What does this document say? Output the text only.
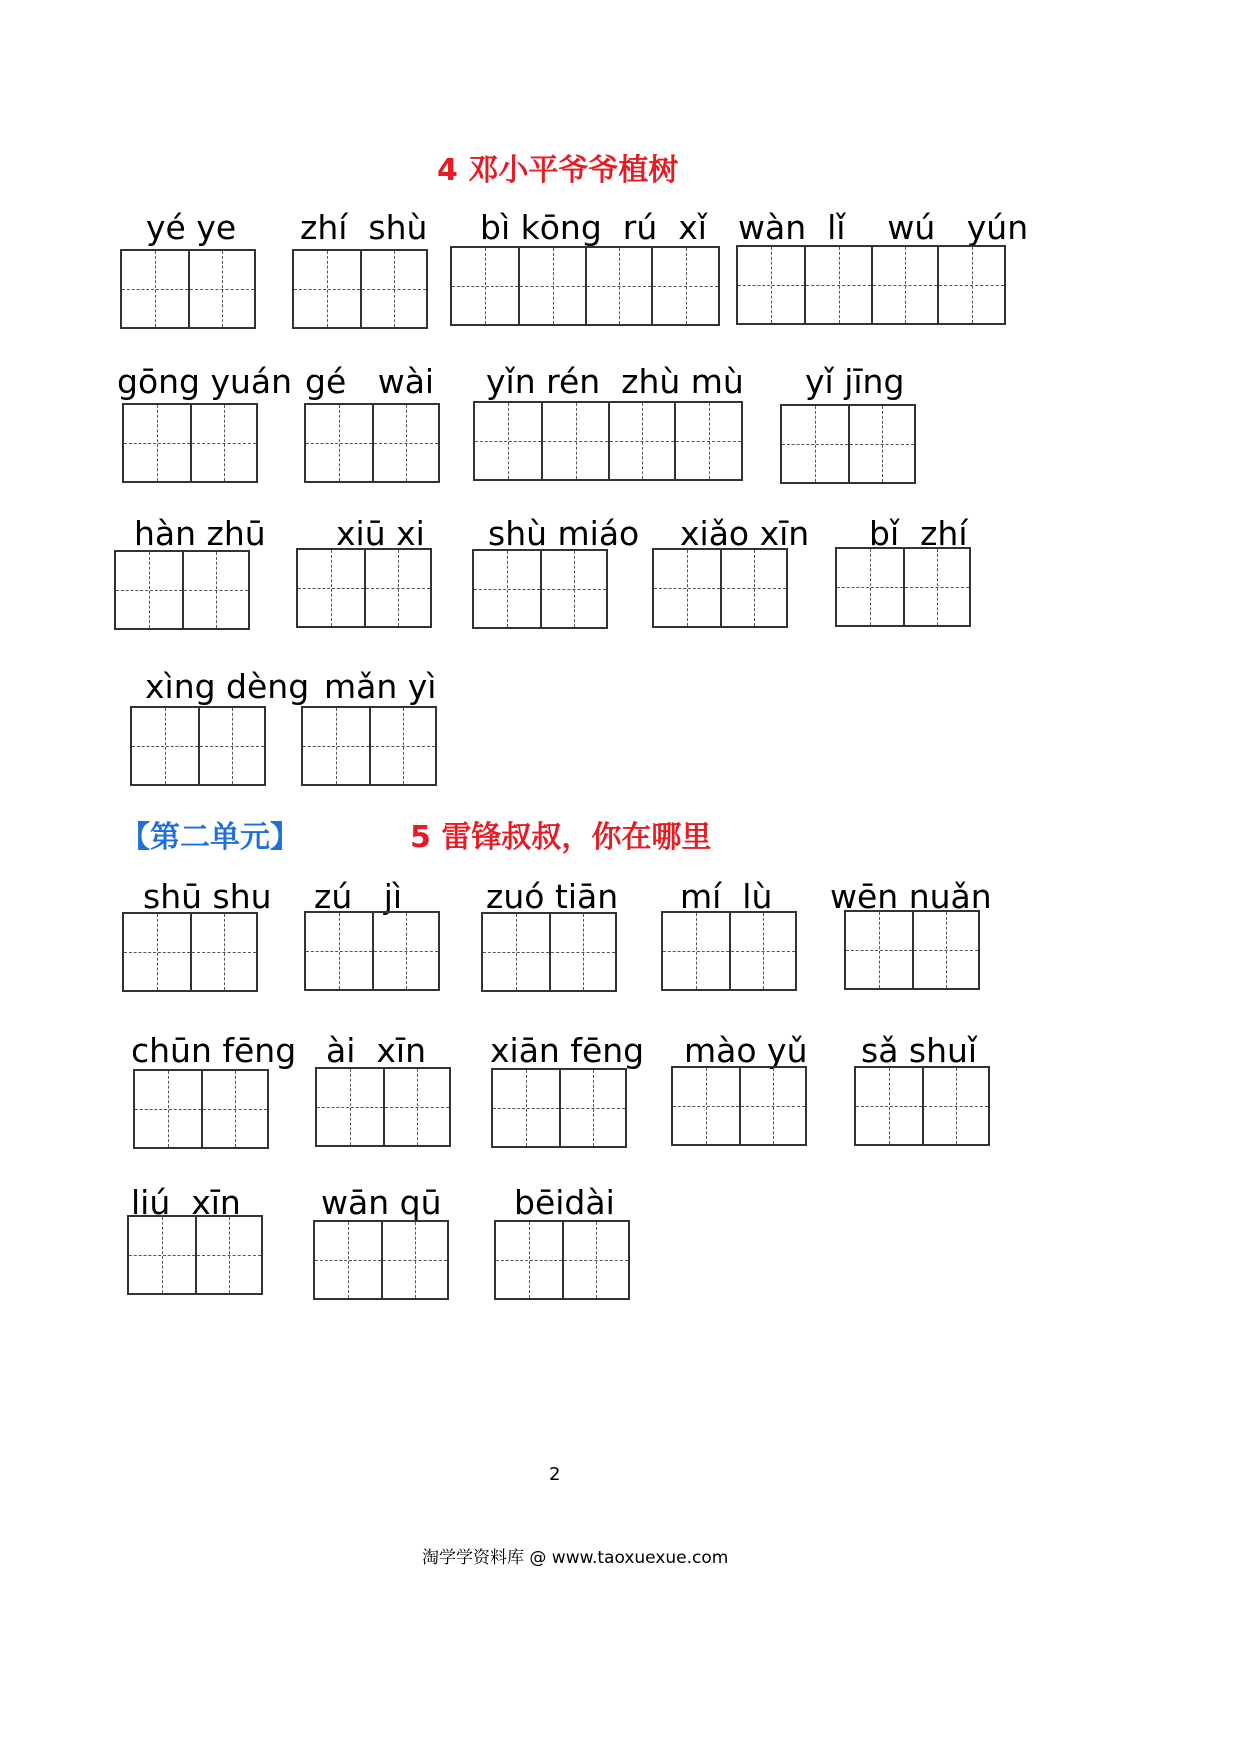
4 邓小平爷爷植树
【第二单元】	5 雷锋叔叔，你在哪里
yé ye zhí  shù bì kōng  rú  xǐ wàn  lǐ    wú   yún
gōng yuán gé   wài yǐn rén  zhù mù yǐ jīng
hàn zhū xiū xi shù miáo xiǎo xīn bǐ  zhí
xìng dèng mǎn yì
shū shu zú   jì	zuó tiān mí  lù wēn nuǎn
chūn fēng ài  xīn xiān fēng mào yǔ sǎ shuǐ
liú  xīn wān qū bēidài
2
淘学学资料库 @ www.taoxuexue.com
